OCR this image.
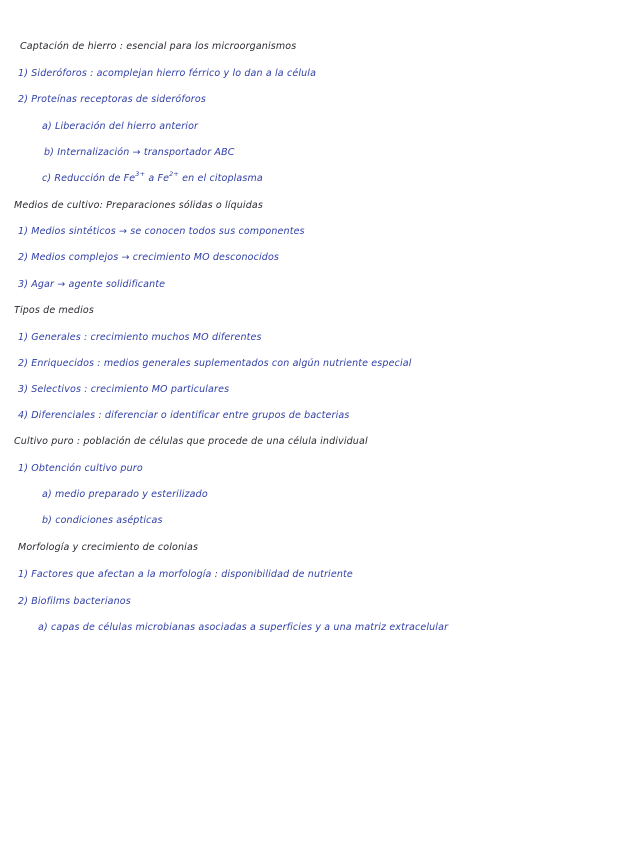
Captación de hierro : esencial para los microorganismos
1) Sideróforos : acomplejan hierro férrico y lo dan a la célula
2) Proteínas receptoras de sideróforos
a) Liberación del hierro anterior
b) Internalización → transportador ABC
c) Reducción de $Fe^{3+}$ a $Fe^{2+}$ en el citoplasma
Medios de cultivo: Preparaciones sólidas o líquidas
1) Medios sintéticos → se conocen todos sus componentes
2) Medios complejos → crecimiento MO desconocidos
3) Agar → agente solidificante
Tipos de medios
1) Generales : crecimiento muchos MO diferentes
2) Enriquecidos : medios generales suplementados con algún nutriente especial
3) Selectivos : crecimiento MO particulares
4) Diferenciales : diferenciar o identificar entre grupos de bacterias
Cultivo puro : población de células que procede de una célula individual
1) Obtención cultivo puro
a) medio preparado y esterilizado
b) condiciones asépticas
Morfología y crecimiento de colonias
1) Factores que afectan a la morfología : disponibilidad de nutriente
2) Biofilms bacterianos
a) capas de células microbianas asociadas a superficies y a una matriz extracelular
